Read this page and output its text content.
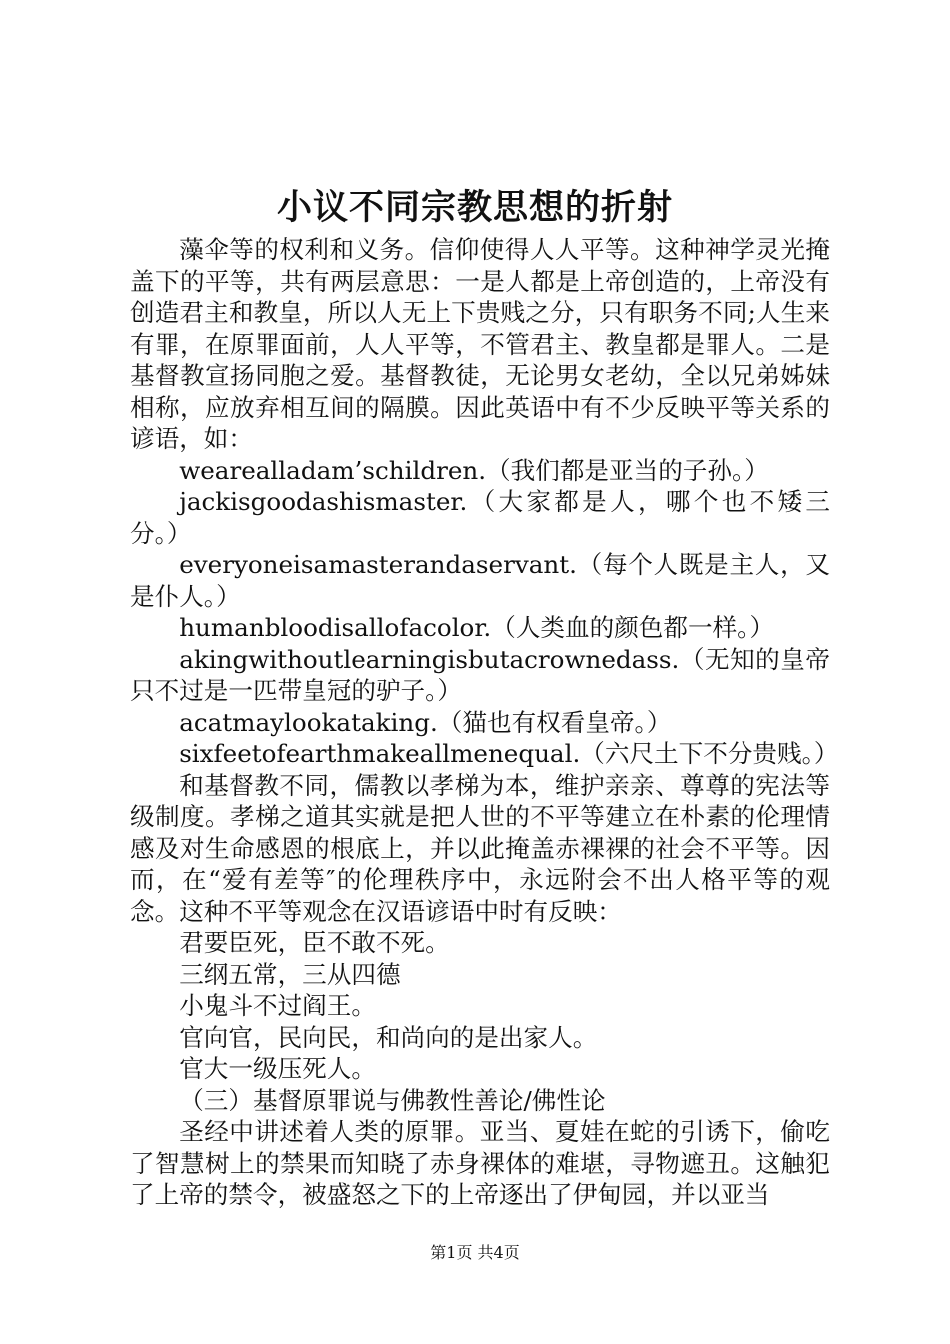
小议不同宗教思想的折射

藻伞等的权利和义务。信仰使得人人平等。这种神学灵光掩盖下的平等，共有两层意思：一是人都是上帝创造的，上帝没有创造君主和教皇，所以人无上下贵贱之分，只有职务不同;人生来有罪，在原罪面前，人人平等，不管君主、教皇都是罪人。二是基督教宣扬同胞之爱。基督教徒，无论男女老幼，全以兄弟姊妹相称，应放弃相互间的隔膜。因此英语中有不少反映平等关系的谚语，如：

wearealladam’schildren.（我们都是亚当的子孙。）

jackisgoodashismaster.（大家都是人，哪个也不矮三分。）

everyoneisamasterandaservant.（每个人既是主人，又是仆人。）

humanbloodisallofacolor.（人类血的颜色都一样。）

akingwithoutlearningisbutacrownedass.（无知的皇帝只不过是一匹带皇冠的驴子。）

acatmaylookataking.（猫也有权看皇帝。）

sixfeetofearthmakeallmenequal.（六尺土下不分贵贱。）

和基督教不同，儒教以孝梯为本，维护亲亲、尊尊的宪法等级制度。孝梯之道其实就是把人世的不平等建立在朴素的伦理情感及对生命感恩的根底上，并以此掩盖赤裸裸的社会不平等。因而，在“爱有差等″的伦理秩序中，永远附会不出人格平等的观念。这种不平等观念在汉语谚语中时有反映：

君要臣死，臣不敢不死。

三纲五常，三从四德

小鬼斗不过阎王。

官向官，民向民，和尚向的是出家人。

官大一级压死人。

（三）基督原罪说与佛教性善论/佛性论

圣经中讲述着人类的原罪。亚当、夏娃在蛇的引诱下，偷吃了智慧树上的禁果而知晓了赤身裸体的难堪，寻物遮丑。这触犯了上帝的禁令，被盛怒之下的上帝逐出了伊甸园，并以亚当

第1页 共4页
